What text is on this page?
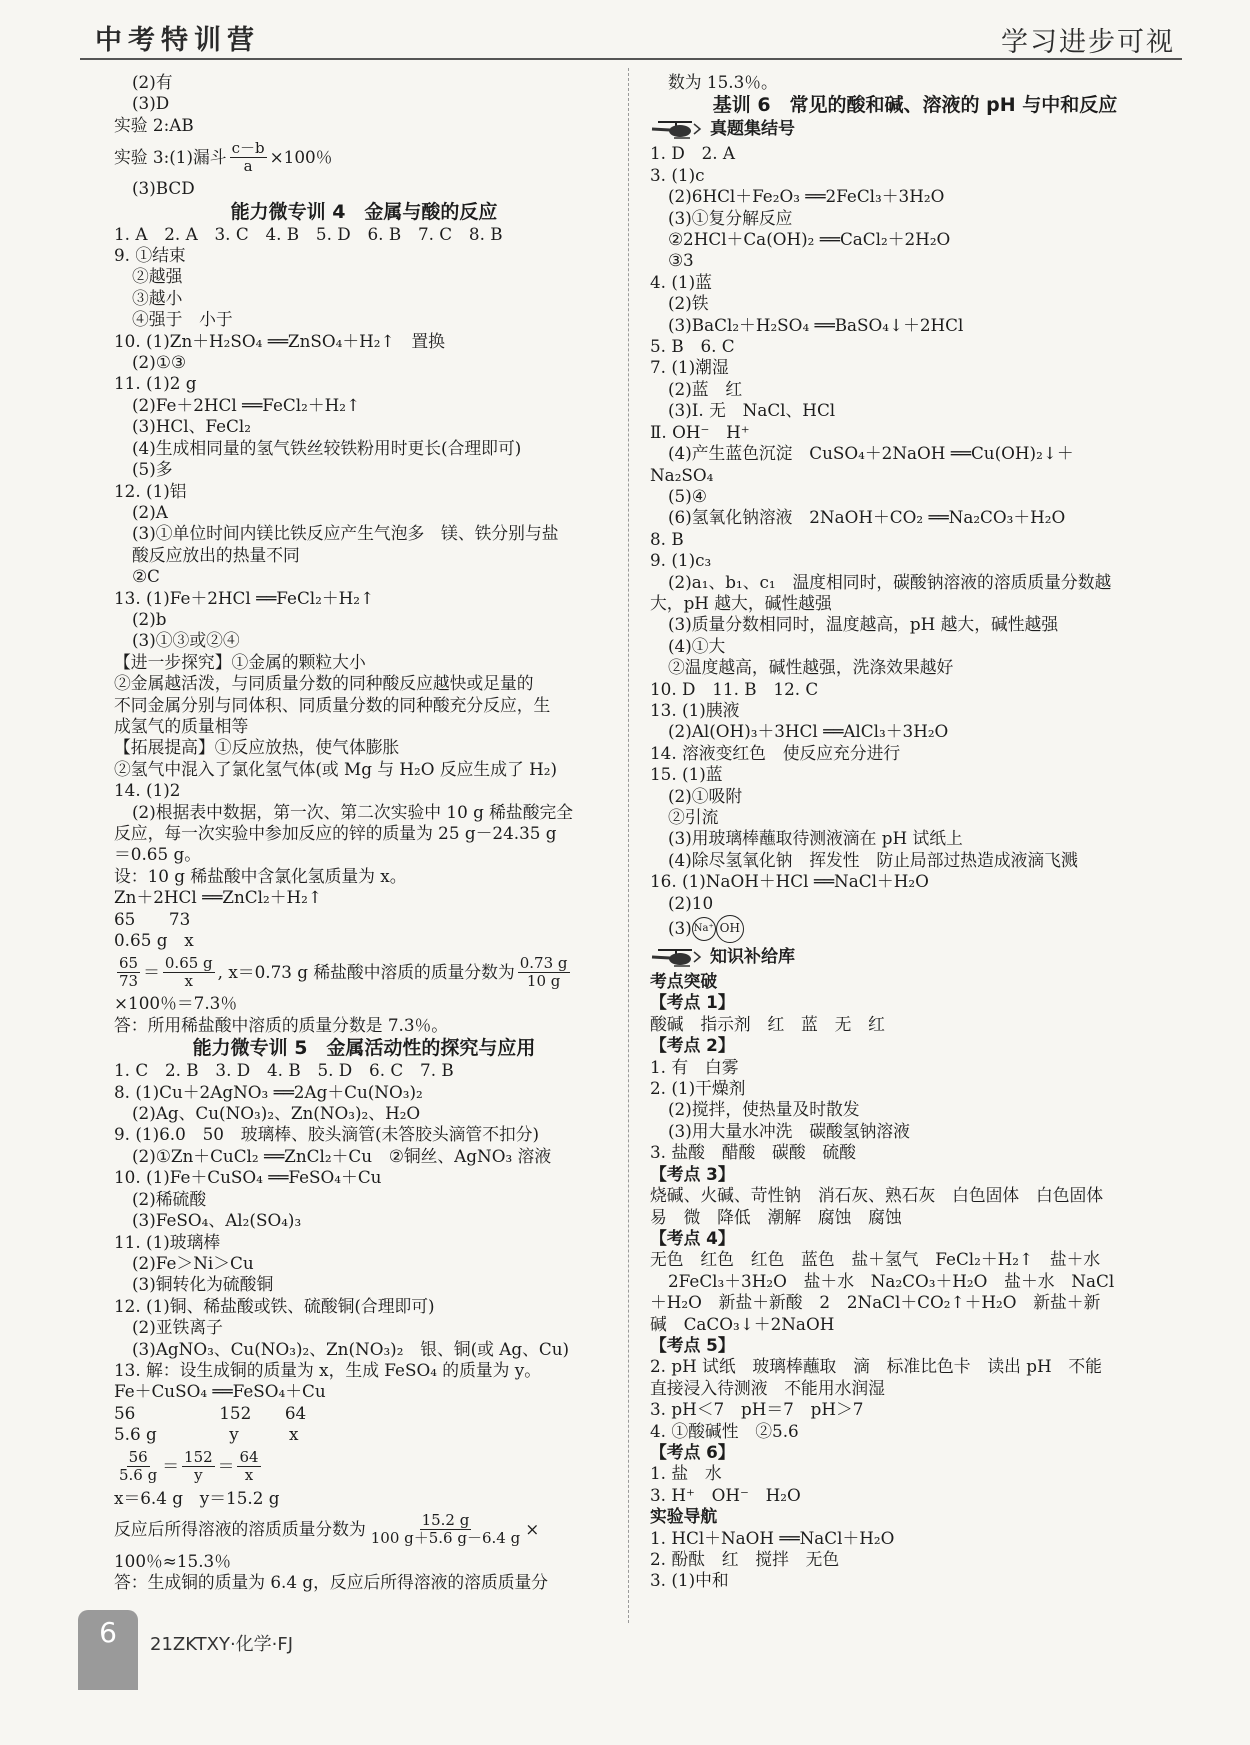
中考特训营	学习进步可视
(2)有
(3)D
实验 2:AB
实验 3:(1)漏斗 $\frac{c-b}{a} \times 100$％
(3)BCD
能力微专训 4　金属与酸的反应
1. A　2. A　3. C　4. B　5. D　6. B　7. C　8. B
9. ①结束
②越强
③越小
④强于　小于
10. (1)Zn＋H₂SO₄ ══ZnSO₄＋H₂↑　置换
(2)①③
11. (1)2 g
(2)Fe＋2HCl ══FeCl₂＋H₂↑
(3)HCl、FeCl₂
(4)生成相同量的氢气铁丝较铁粉用时更长(合理即可)
(5)多
12. (1)铝
(2)A
(3)①单位时间内镁比铁反应产生气泡多　镁、铁分别与盐
酸反应放出的热量不同
②C
13. (1)Fe＋2HCl ══FeCl₂＋H₂↑
(2)b
(3)①③或②④
【进一步探究】①金属的颗粒大小
②金属越活泼，与同质量分数的同种酸反应越快或足量的
不同金属分别与同体积、同质量分数的同种酸充分反应，生
成氢气的质量相等
【拓展提高】①反应放热，使气体膨胀
②氢气中混入了氯化氢气体(或 Mg 与 H₂O 反应生成了 H₂)
14. (1)2
(2)根据表中数据，第一次、第二次实验中 10 g 稀盐酸完全
反应，每一次实验中参加反应的锌的质量为 25 g－24.35 g
＝0.65 g。
设：10 g 稀盐酸中含氯化氢质量为 x。
Zn＋2HCl ══ZnCl₂＋H₂↑
65　　73
0.65 g　x
$\frac{65}{73} = \frac{0.65 g}{x}$ , x＝0.73 g 稀盐酸中溶质的质量分数为 $\frac{0.73 g}{10 g}$
×100％＝7.3％
答：所用稀盐酸中溶质的质量分数是 7.3％。
能力微专训 5　金属活动性的探究与应用
1. C　2. B　3. D　4. B　5. D　6. C　7. B
8. (1)Cu＋2AgNO₃ ══2Ag＋Cu(NO₃)₂
(2)Ag、Cu(NO₃)₂、Zn(NO₃)₂、H₂O
9. (1)6.0　50　玻璃棒、胶头滴管(未答胶头滴管不扣分)
(2)①Zn＋CuCl₂ ══ZnCl₂＋Cu　②铜丝、AgNO₃ 溶液
10. (1)Fe＋CuSO₄ ══FeSO₄＋Cu
(2)稀硫酸
(3)FeSO₄、Al₂(SO₄)₃
11. (1)玻璃棒
(2)Fe＞Ni＞Cu
(3)铜转化为硫酸铜
12. (1)铜、稀盐酸或铁、硫酸铜(合理即可)
(2)亚铁离子
(3)AgNO₃、Cu(NO₃)₂、Zn(NO₃)₂　银、铜(或 Ag、Cu)
13. 解：设生成铜的质量为 x，生成 FeSO₄ 的质量为 y。
Fe＋CuSO₄ ══FeSO₄＋Cu
56　　　　　152　　64
5.6 g　　　　 y　　　x
$\frac{56}{5.6 g} = \frac{152}{y} = \frac{64}{x}$
x＝6.4 g　y＝15.2 g
反应后所得溶液的溶质质量分数为 $\frac{15.2 g}{100 g+5.6 g-6.4 g}$ ×
100％≈15.3％
答：生成铜的质量为 6.4 g，反应后所得溶液的溶质质量分
数为 15.3％。
基训 6　常见的酸和碱、溶液的 pH 与中和反应
真题集结号
1. D　2. A
3. (1)c
(2)6HCl＋Fe₂O₃ ══2FeCl₃＋3H₂O
(3)①复分解反应
②2HCl＋Ca(OH)₂ ══CaCl₂＋2H₂O
③3
4. (1)蓝
(2)铁
(3)BaCl₂＋H₂SO₄ ══BaSO₄↓＋2HCl
5. B　6. C
7. (1)潮湿
(2)蓝　红
(3)Ⅰ. 无　NaCl、HCl
Ⅱ. OH⁻　H⁺
(4)产生蓝色沉淀　CuSO₄＋2NaOH ══Cu(OH)₂↓＋
Na₂SO₄
(5)④
(6)氢氧化钠溶液　2NaOH＋CO₂ ══Na₂CO₃＋H₂O
8. B
9. (1)c₃
(2)a₁、b₁、c₁　温度相同时，碳酸钠溶液的溶质质量分数越
大，pH 越大，碱性越强
(3)质量分数相同时，温度越高，pH 越大，碱性越强
(4)①大
②温度越高，碱性越强，洗涤效果越好
10. D　11. B　12. C
13. (1)胰液
(2)Al(OH)₃＋3HCl ══AlCl₃＋3H₂O
14. 溶液变红色　使反应充分进行
15. (1)蓝
(2)①吸附
②引流
(3)用玻璃棒蘸取待测液滴在 pH 试纸上
(4)除尽氢氧化钠　挥发性　防止局部过热造成液滴飞溅
16. (1)NaOH＋HCl ══NaCl＋H₂O
(2)10
(3) Na⁺ OH
知识补给库
考点突破
【考点 1】
酸碱　指示剂　红　蓝　无　红
【考点 2】
1. 有　白雾
2. (1)干燥剂
(2)搅拌，使热量及时散发
(3)用大量水冲洗　碳酸氢钠溶液
3. 盐酸　醋酸　碳酸　硫酸
【考点 3】
烧碱、火碱、苛性钠　消石灰、熟石灰　白色固体　白色固体
易　微　降低　潮解　腐蚀　腐蚀
【考点 4】
无色　红色　红色　蓝色　盐＋氢气　FeCl₂＋H₂↑　盐＋水
2FeCl₃＋3H₂O　盐＋水　Na₂CO₃＋H₂O　盐＋水　NaCl
＋H₂O　新盐＋新酸　2　2NaCl＋CO₂↑＋H₂O　新盐＋新
碱　CaCO₃↓＋2NaOH
【考点 5】
2. pH 试纸　玻璃棒蘸取　滴　标准比色卡　读出 pH　不能
直接浸入待测液　不能用水润湿
3. pH＜7　pH＝7　pH＞7
4. ①酸碱性　②5.6
【考点 6】
1. 盐　水
3. H⁺　OH⁻　H₂O
实验导航
1. HCl＋NaOH ══NaCl＋H₂O
2. 酚酞　红　搅拌　无色
3. (1)中和
6 21ZKTXY·化学·FJ
